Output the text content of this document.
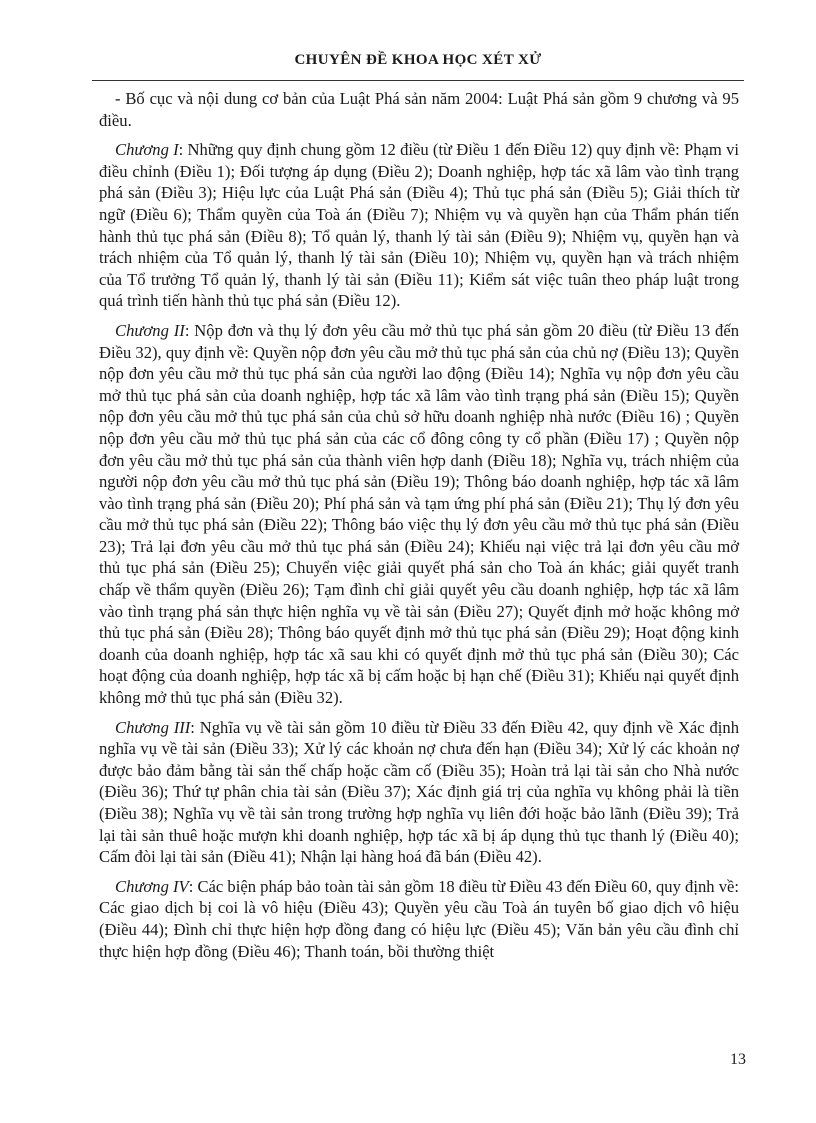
CHUYÊN ĐỀ KHOA HỌC XÉT XỬ

- Bố cục và nội dung cơ bản của Luật Phá sản năm 2004: Luật Phá sản gồm 9 chương và 95 điều.

Chương I: Những quy định chung gồm 12 điều (từ Điều 1 đến Điều 12) quy định về: Phạm vi điều chỉnh (Điều 1); Đối tượng áp dụng (Điều 2); Doanh nghiệp, hợp tác xã lâm vào tình trạng phá sản (Điều 3); Hiệu lực của Luật Phá sản (Điều 4); Thủ tục phá sản (Điều 5); Giải thích từ ngữ (Điều 6); Thẩm quyền của Toà án (Điều 7); Nhiệm vụ và quyền hạn của Thẩm phán tiến hành thủ tục phá sản (Điều 8); Tổ quản lý, thanh lý tài sản (Điều 9); Nhiệm vụ, quyền hạn và trách nhiệm của Tổ quản lý, thanh lý tài sản (Điều 10); Nhiệm vụ, quyền hạn và trách nhiệm của Tổ trưởng Tổ quản lý, thanh lý tài sản (Điều 11); Kiểm sát việc tuân theo pháp luật trong quá trình tiến hành thủ tục phá sản (Điều 12).

Chương II: Nộp đơn và thụ lý đơn yêu cầu mở thủ tục phá sản gồm 20 điều (từ Điều 13 đến Điều 32), quy định về: Quyền nộp đơn yêu cầu mở thủ tục phá sản của chủ nợ (Điều 13); Quyền nộp đơn yêu cầu mở thủ tục phá sản của người lao động (Điều 14); Nghĩa vụ nộp đơn yêu cầu mở thủ tục phá sản của doanh nghiệp, hợp tác xã lâm vào tình trạng phá sản (Điều 15); Quyền nộp đơn yêu cầu mở thủ tục phá sản của chủ sở hữu doanh nghiệp nhà nước (Điều 16) ; Quyền nộp đơn yêu cầu mở thủ tục phá sản của các cổ đông công ty cổ phần (Điều 17) ; Quyền nộp đơn yêu cầu mở thủ tục phá sản của thành viên hợp danh (Điều 18); Nghĩa vụ, trách nhiệm của người nộp đơn yêu cầu mở thủ tục phá sản (Điều 19); Thông báo doanh nghiệp, hợp tác xã lâm vào tình trạng phá sản (Điều 20); Phí phá sản và tạm ứng phí phá sản (Điều 21); Thụ lý đơn yêu cầu mở thủ tục phá sản (Điều 22); Thông báo việc thụ lý đơn yêu cầu mở thủ tục phá sản (Điều 23); Trả lại đơn yêu cầu mở thủ tục phá sản (Điều 24); Khiếu nại việc trả lại đơn yêu cầu mở thủ tục phá sản (Điều 25); Chuyển việc giải quyết phá sản cho Toà án khác; giải quyết tranh chấp về thẩm quyền (Điều 26); Tạm đình chỉ giải quyết yêu cầu doanh nghiệp, hợp tác xã lâm vào tình trạng phá sản thực hiện nghĩa vụ về tài sản (Điều 27); Quyết định mở hoặc không mở thủ tục phá sản (Điều 28); Thông báo quyết định mở thủ tục phá sản (Điều 29); Hoạt động kinh doanh của doanh nghiệp, hợp tác xã sau khi có quyết định mở thủ tục phá sản (Điều 30); Các hoạt động của doanh nghiệp, hợp tác xã bị cấm hoặc bị hạn chế (Điều 31); Khiếu nại quyết định không mở thủ tục phá sản (Điều 32).

Chương III: Nghĩa vụ về tài sản gồm 10 điều từ Điều 33 đến Điều 42, quy định về Xác định nghĩa vụ về tài sản (Điều 33); Xử lý các khoản nợ chưa đến hạn (Điều 34); Xử lý các khoản nợ được bảo đảm bằng tài sản thế chấp hoặc cầm cố (Điều 35); Hoàn trả lại tài sản cho Nhà nước (Điều 36); Thứ tự phân chia tài sản (Điều 37); Xác định giá trị của nghĩa vụ không phải là tiền (Điều 38); Nghĩa vụ về tài sản trong trường hợp nghĩa vụ liên đới hoặc bảo lãnh (Điều 39); Trả lại tài sản thuê hoặc mượn khi doanh nghiệp, hợp tác xã bị áp dụng thủ tục thanh lý (Điều 40); Cấm đòi lại tài sản (Điều 41); Nhận lại hàng hoá đã bán (Điều 42).

Chương IV: Các biện pháp bảo toàn tài sản gồm 18 điều từ Điều 43 đến Điều 60, quy định về: Các giao dịch bị coi là vô hiệu (Điều 43); Quyền yêu cầu Toà án tuyên bố giao dịch vô hiệu (Điều 44); Đình chỉ thực hiện hợp đồng đang có hiệu lực (Điều 45); Văn bản yêu cầu đình chỉ thực hiện hợp đồng (Điều 46); Thanh toán, bồi thường thiệt

13
